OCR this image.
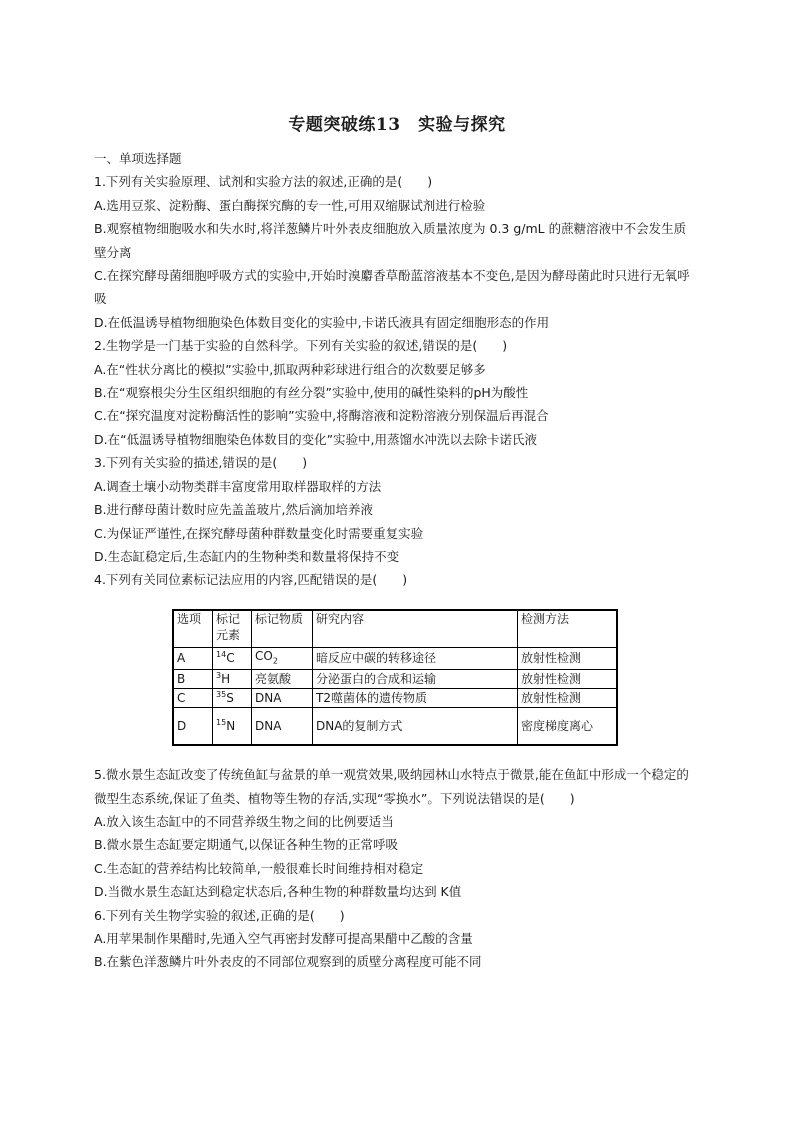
专题突破练13　实验与探究
一、单项选择题
1.下列有关实验原理、试剂和实验方法的叙述,正确的是(　　)
A.选用豆浆、淀粉酶、蛋白酶探究酶的专一性,可用双缩脲试剂进行检验
B.观察植物细胞吸水和失水时,将洋葱鳞片叶外表皮细胞放入质量浓度为 0.3 g/mL 的蔗糖溶液中不会发生质壁分离
C.在探究酵母菌细胞呼吸方式的实验中,开始时溴麝香草酚蓝溶液基本不变色,是因为酵母菌此时只进行无氧呼吸
D.在低温诱导植物细胞染色体数目变化的实验中,卡诺氏液具有固定细胞形态的作用
2.生物学是一门基于实验的自然科学。下列有关实验的叙述,错误的是(　　)
A.在“性状分离比的模拟”实验中,抓取两种彩球进行组合的次数要足够多
B.在“观察根尖分生区组织细胞的有丝分裂”实验中,使用的碱性染料的pH为酸性
C.在“探究温度对淀粉酶活性的影响”实验中,将酶溶液和淀粉溶液分别保温后再混合
D.在“低温诱导植物细胞染色体数目的变化”实验中,用蒸馏水冲洗以去除卡诺氏液
3.下列有关实验的描述,错误的是(　　)
A.调查土壤小动物类群丰富度常用取样器取样的方法
B.进行酵母菌计数时应先盖盖玻片,然后滴加培养液
C.为保证严谨性,在探究酵母菌种群数量变化时需要重复实验
D.生态缸稳定后,生态缸内的生物种类和数量将保持不变
4.下列有关同位素标记法应用的内容,匹配错误的是(　　)
选项	标记元素	标记物质	研究内容	检测方法
A	$^{14}$C	$CO_2$	暗反应中碳的转移途径	放射性检测
B	$^3$H	亮氨酸	分泌蛋白的合成和运输	放射性检测
C	$^{35}$S	DNA	T2噬菌体的遗传物质	放射性检测
D	$^{15}$N	DNA	DNA的复制方式	密度梯度离心
5.微水景生态缸改变了传统鱼缸与盆景的单一观赏效果,吸纳园林山水特点于微景,能在鱼缸中形成一个稳定的微型生态系统,保证了鱼类、植物等生物的存活,实现“零换水”。下列说法错误的是(　　)
A.放入该生态缸中的不同营养级生物之间的比例要适当
B.微水景生态缸要定期通气,以保证各种生物的正常呼吸
C.生态缸的营养结构比较简单,一般很难长时间维持相对稳定
D.当微水景生态缸达到稳定状态后,各种生物的种群数量均达到 K值
6.下列有关生物学实验的叙述,正确的是(　　)
A.用苹果制作果醋时,先通入空气再密封发酵可提高果醋中乙酸的含量
B.在紫色洋葱鳞片叶外表皮的不同部位观察到的质壁分离程度可能不同
